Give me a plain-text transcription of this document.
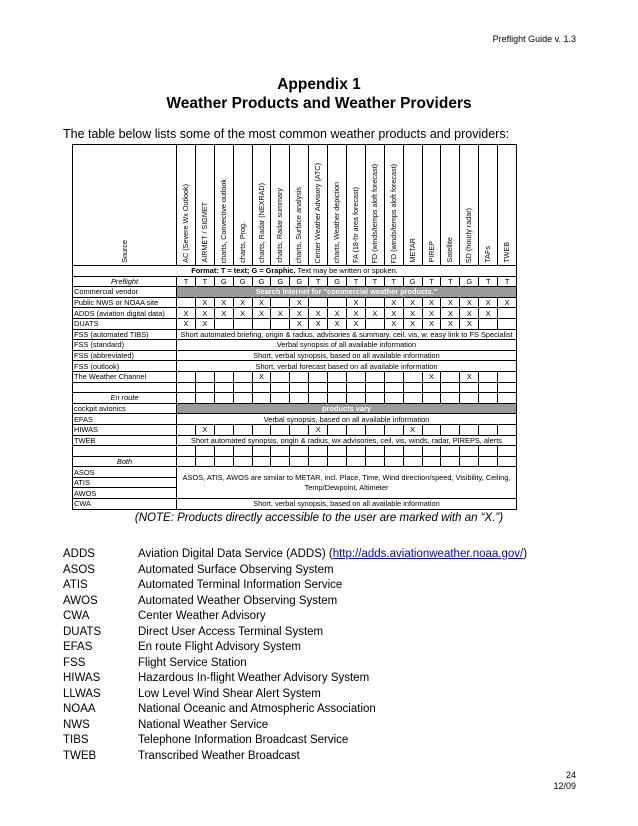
Preflight Guide v. 1.3
Appendix 1
Weather Products and Weather Providers
The table below lists some of the most common weather products and providers:
Source	AC (Severe Wx Outlook)	AIRMET / SIGMET	charts, Convective outlook	charts, Prog.	charts, Radar (NEXRAD)	charts, Radar summary	charts, Surface analysis	Center Weather Advisory (ATC)	charts, Weather depiction	FA (18-hr area forecast)	FD (winds/temps aloft forecast)	FD (winds/temps aloft forecast)	METAR	PIREP	Satellite	SD (hourly radar)	TAFs	TWEB
Format: T = text; G = Graphic. Text may be written or spoken.																		
Preflight	T	T	G	G	G	G	G	T	G	T	T	T	G	T	T	G	T	T
Commercial vendor	Search Internet for "commercial weather products."																	
Public NWS or NOAA site		X	X	X	X		X			X		X	X	X	X	X	X	X
ADDS (aviation digital data)	X	X	X	X	X	X	X	X	X	X	X	X	X	X	X	X	X	
DUATS	X	X					X	X	X	X		X	X	X	X	X		
FSS (automated TIBS)	Short automated briefing, origin & radius, advisories & summary, ceil, vis, w. easy link to FS Specialist																	
FSS (standard)	Verbal synopsis of all available information																	
FSS (abbreviated)	Short, verbal synopsis, based on all available information																	
FSS (outlook)	Short, verbal forecast based on all available information																	
The Weather Channel					X									X		X		

En route																		
cockpit avionics	products vary																	
EFAS	Verbal synopsis, based on all available information																	
HIWAS		X						X					X					
TWEB	Short automated synopsis, origin & radius, wx advisories, ceil, vis, winds, radar, PIREPS, alerts																	

Both																		
ASOS	ASOS, ATIS, AWOS are similar to METAR, incl. Place, Time, Wind direction/speed, Visibility, Ceiling, Temp/Dewpoint, Altimeter																	
ATIS																		
AWOS																		
CWA	Short, verbal synopsis, based on all available information																	
(NOTE: Products directly accessible to the user are marked with an “X.”)
ADDS	Aviation Digital Data Service (ADDS) (http://adds.aviationweather.noaa.gov/)
ASOS	Automated Surface Observing System
ATIS	Automated Terminal Information Service
AWOS	Automated Weather Observing System
CWA	Center Weather Advisory
DUATS	Direct User Access Terminal System
EFAS	En route Flight Advisory System
FSS	Flight Service Station
HIWAS	Hazardous In-flight Weather Advisory System
LLWAS	Low Level Wind Shear Alert System
NOAA	National Oceanic and Atmospheric Association
NWS	National Weather Service
TIBS	Telephone Information Broadcast Service
TWEB	Transcribed Weather Broadcast
24
12/09
